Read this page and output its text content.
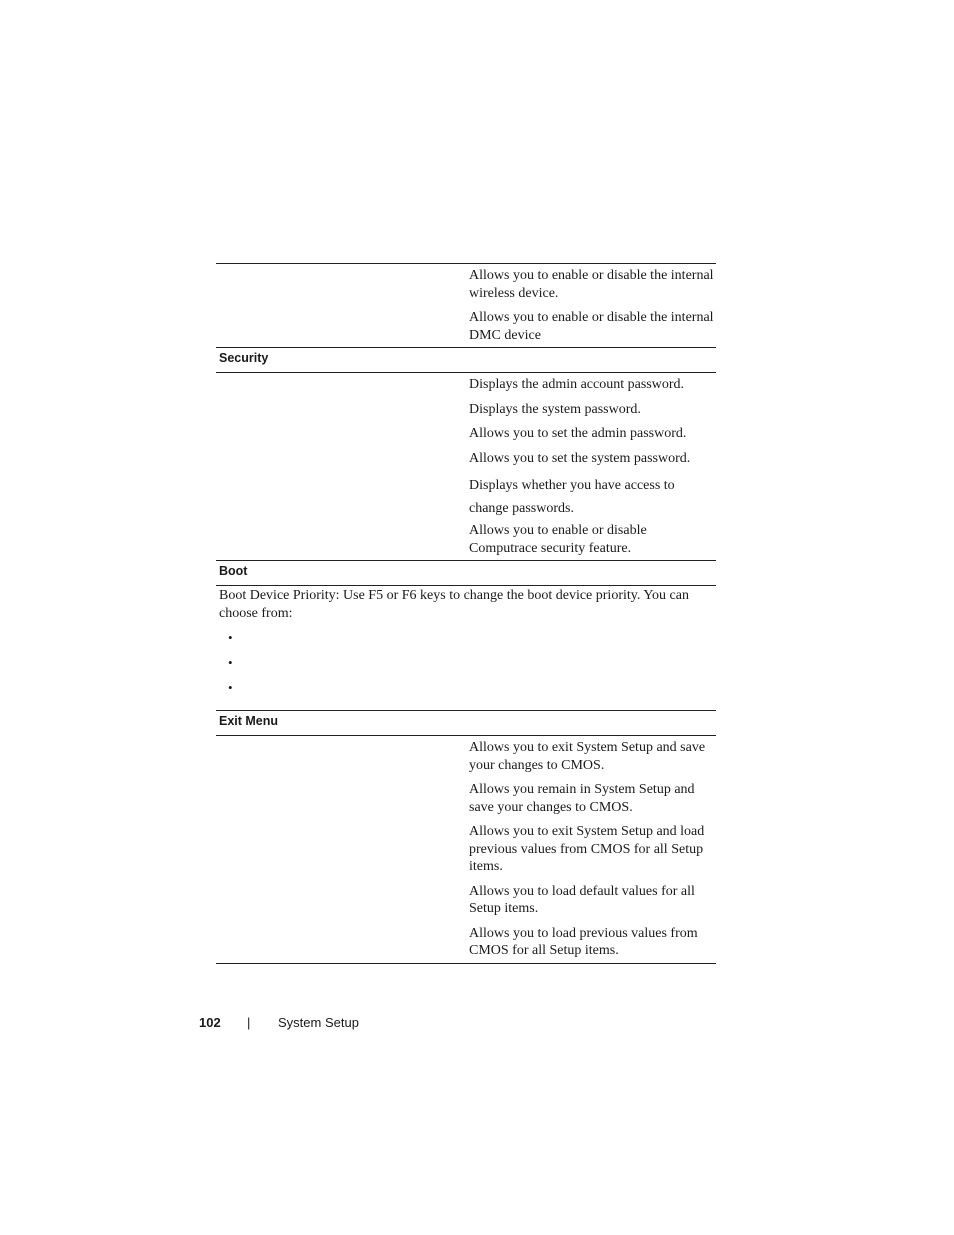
Allows you to enable or disable the internal wireless device.

Allows you to enable or disable the internal DMC device

Security

Displays the admin account password.

Displays the system password.

Allows you to set the admin password.

Allows you to set the system password.

Displays whether you have access to change passwords.

Allows you to enable or disable Computrace security feature.

Boot

Boot Device Priority: Use F5 or F6 keys to change the boot device priority. You can choose from:

•
•
•
Exit Menu

Allows you to exit System Setup and save your changes to CMOS.

Allows you remain in System Setup and save your changes to CMOS.

Allows you to exit System Setup and load previous values from CMOS for all Setup items.

Allows you to load default values for all Setup items.

Allows you to load previous values from CMOS for all Setup items.

102 | System Setup
